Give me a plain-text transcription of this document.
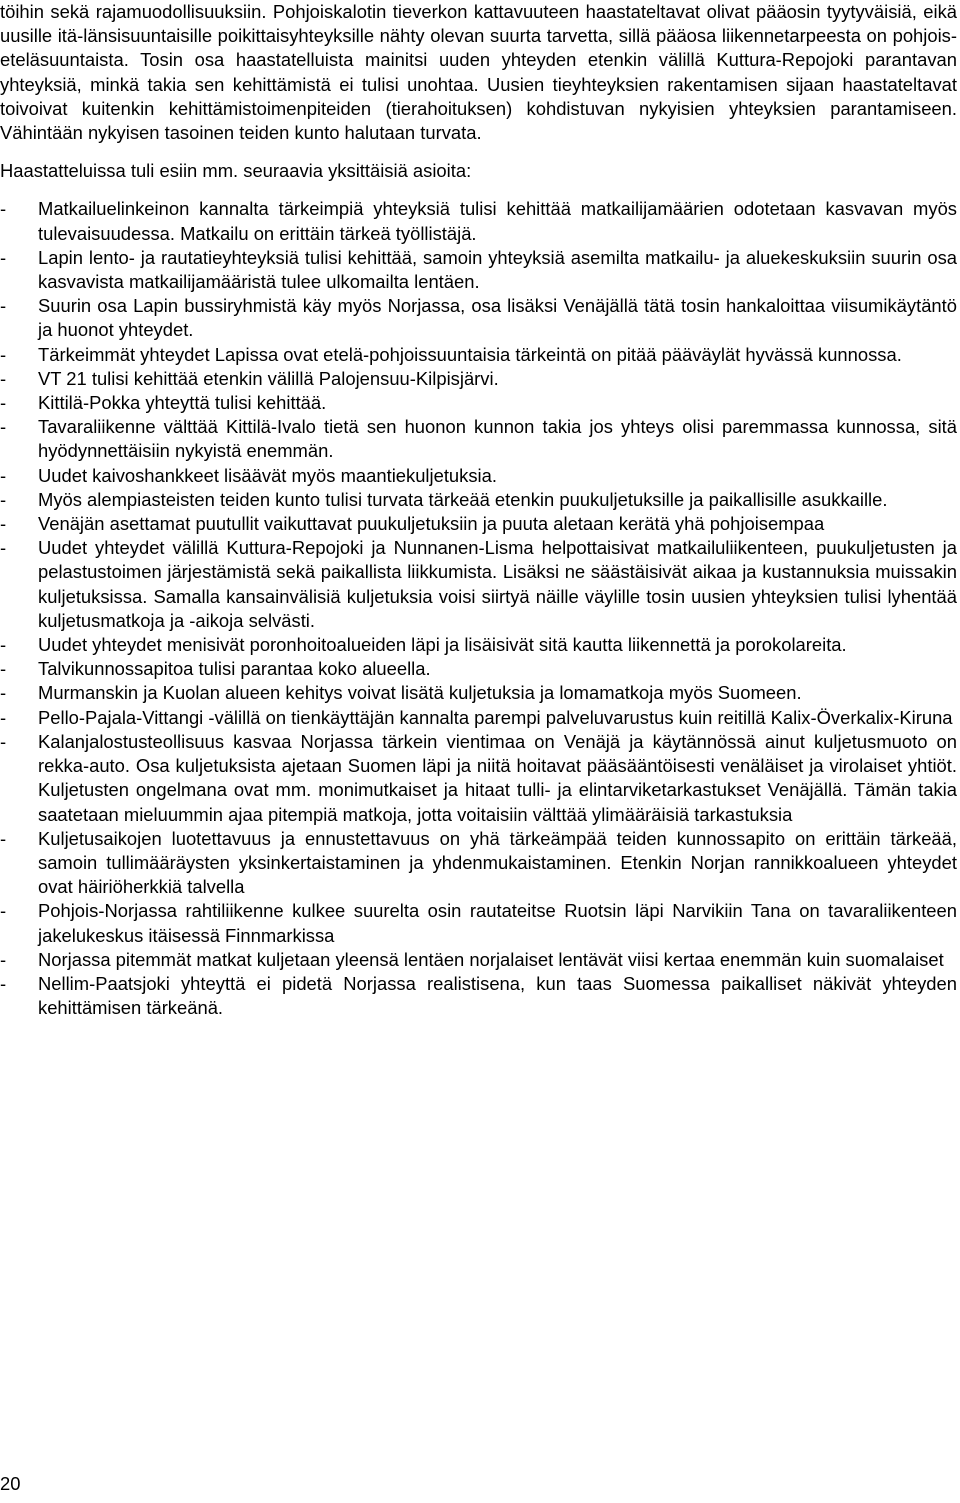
töihin sekä rajamuodollisuuksiin. Pohjoiskalotin tieverkon kattavuuteen haastateltavat olivat pääosin tyytyväisiä, eikä uusille itä-länsisuuntaisille poikittaisyhteyksille nähty olevan suurta tarvetta, sillä pääosa liikennetarpeesta on pohjois-eteläsuuntaista. Tosin osa haastatelluista mainitsi uuden yhteyden etenkin välillä Kuttura-Repojoki parantavan yhteyksiä, minkä takia sen kehittämistä ei tulisi unohtaa. Uusien tieyhteyksien rakentamisen sijaan haastateltavat toivoivat kuitenkin kehittämistoimenpiteiden (tierahoituksen) kohdistuvan nykyisien yhteyksien parantamiseen. Vähintään nykyisen tasoinen teiden kunto halutaan turvata.

Haastatteluissa tuli esiin mm. seuraavia yksittäisiä asioita:

- Matkailuelinkeinon kannalta tärkeimpiä yhteyksiä tulisi kehittää matkailijamäärien odotetaan kasvavan myös tulevaisuudessa. Matkailu on erittäin tärkeä työllistäjä.
- Lapin lento- ja rautatieyhteyksiä tulisi kehittää, samoin yhteyksiä asemilta matkailu- ja aluekeskuksiin suurin osa kasvavista matkailijamääristä tulee ulkomailta lentäen.
- Suurin osa Lapin bussiryhmistä käy myös Norjassa, osa lisäksi Venäjällä tätä tosin hankaloittaa viisumikäytäntö ja huonot yhteydet.
- Tärkeimmät yhteydet Lapissa ovat etelä-pohjoissuuntaisia tärkeintä on pitää pääväylät hyvässä kunnossa.
- VT 21 tulisi kehittää etenkin välillä Palojensuu-Kilpisjärvi.
- Kittilä-Pokka yhteyttä tulisi kehittää.
- Tavaraliikenne välttää Kittilä-Ivalo tietä sen huonon kunnon takia jos yhteys olisi paremmassa kunnossa, sitä hyödynnettäisiin nykyistä enemmän.
- Uudet kaivoshankkeet lisäävät myös maantiekuljetuksia.
- Myös alempiasteisten teiden kunto tulisi turvata tärkeää etenkin puukuljetuksille ja paikallisille asukkaille.
- Venäjän asettamat puutullit vaikuttavat puukuljetuksiin ja puuta aletaan kerätä yhä pohjoisempaa
- Uudet yhteydet välillä Kuttura-Repojoki ja Nunnanen-Lisma helpottaisivat matkailuliikenteen, puukuljetusten ja pelastustoimen järjestämistä sekä paikallista liikkumista. Lisäksi ne säästäisivät aikaa ja kustannuksia muissakin kuljetuksissa. Samalla kansainvälisiä kuljetuksia voisi siirtyä näille väylille tosin uusien yhteyksien tulisi lyhentää kuljetusmatkoja ja -aikoja selvästi.
- Uudet yhteydet menisivät poronhoitoalueiden läpi ja lisäisivät sitä kautta liikennettä ja porokolareita.
- Talvikunnossapitoa tulisi parantaa koko alueella.
- Murmanskin ja Kuolan alueen kehitys voivat lisätä kuljetuksia ja lomamatkoja myös Suomeen.
- Pello-Pajala-Vittangi -välillä on tienkäyttäjän kannalta parempi palveluvarustus kuin reitillä Kalix-Överkalix-Kiruna
- Kalanjalostusteollisuus kasvaa Norjassa tärkein vientimaa on Venäjä ja käytännössä ainut kuljetusmuoto on rekka-auto. Osa kuljetuksista ajetaan Suomen läpi ja niitä hoitavat pääsääntöisesti venäläiset ja virolaiset yhtiöt. Kuljetusten ongelmana ovat mm. monimutkaiset ja hitaat tulli- ja elintarviketarkastukset Venäjällä. Tämän takia saatetaan mieluummin ajaa pitempiä matkoja, jotta voitaisiin välttää ylimääräisiä tarkastuksia
- Kuljetusaikojen luotettavuus ja ennustettavuus on yhä tärkeämpää teiden kunnossapito on erittäin tärkeää, samoin tullimääräysten yksinkertaistaminen ja yhdenmukaistaminen. Etenkin Norjan rannikkoalueen yhteydet ovat häiriöherkkiä talvella
- Pohjois-Norjassa rahtiliikenne kulkee suurelta osin rautateitse Ruotsin läpi Narvikiin Tana on tavaraliikenteen jakelukeskus itäisessä Finnmarkissa
- Norjassa pitemmät matkat kuljetaan yleensä lentäen norjalaiset lentävät viisi kertaa enemmän kuin suomalaiset
- Nellim-Paatsjoki yhteyttä ei pidetä Norjassa realistisena, kun taas Suomessa paikalliset näkivät yhteyden kehittämisen tärkeänä.
20
